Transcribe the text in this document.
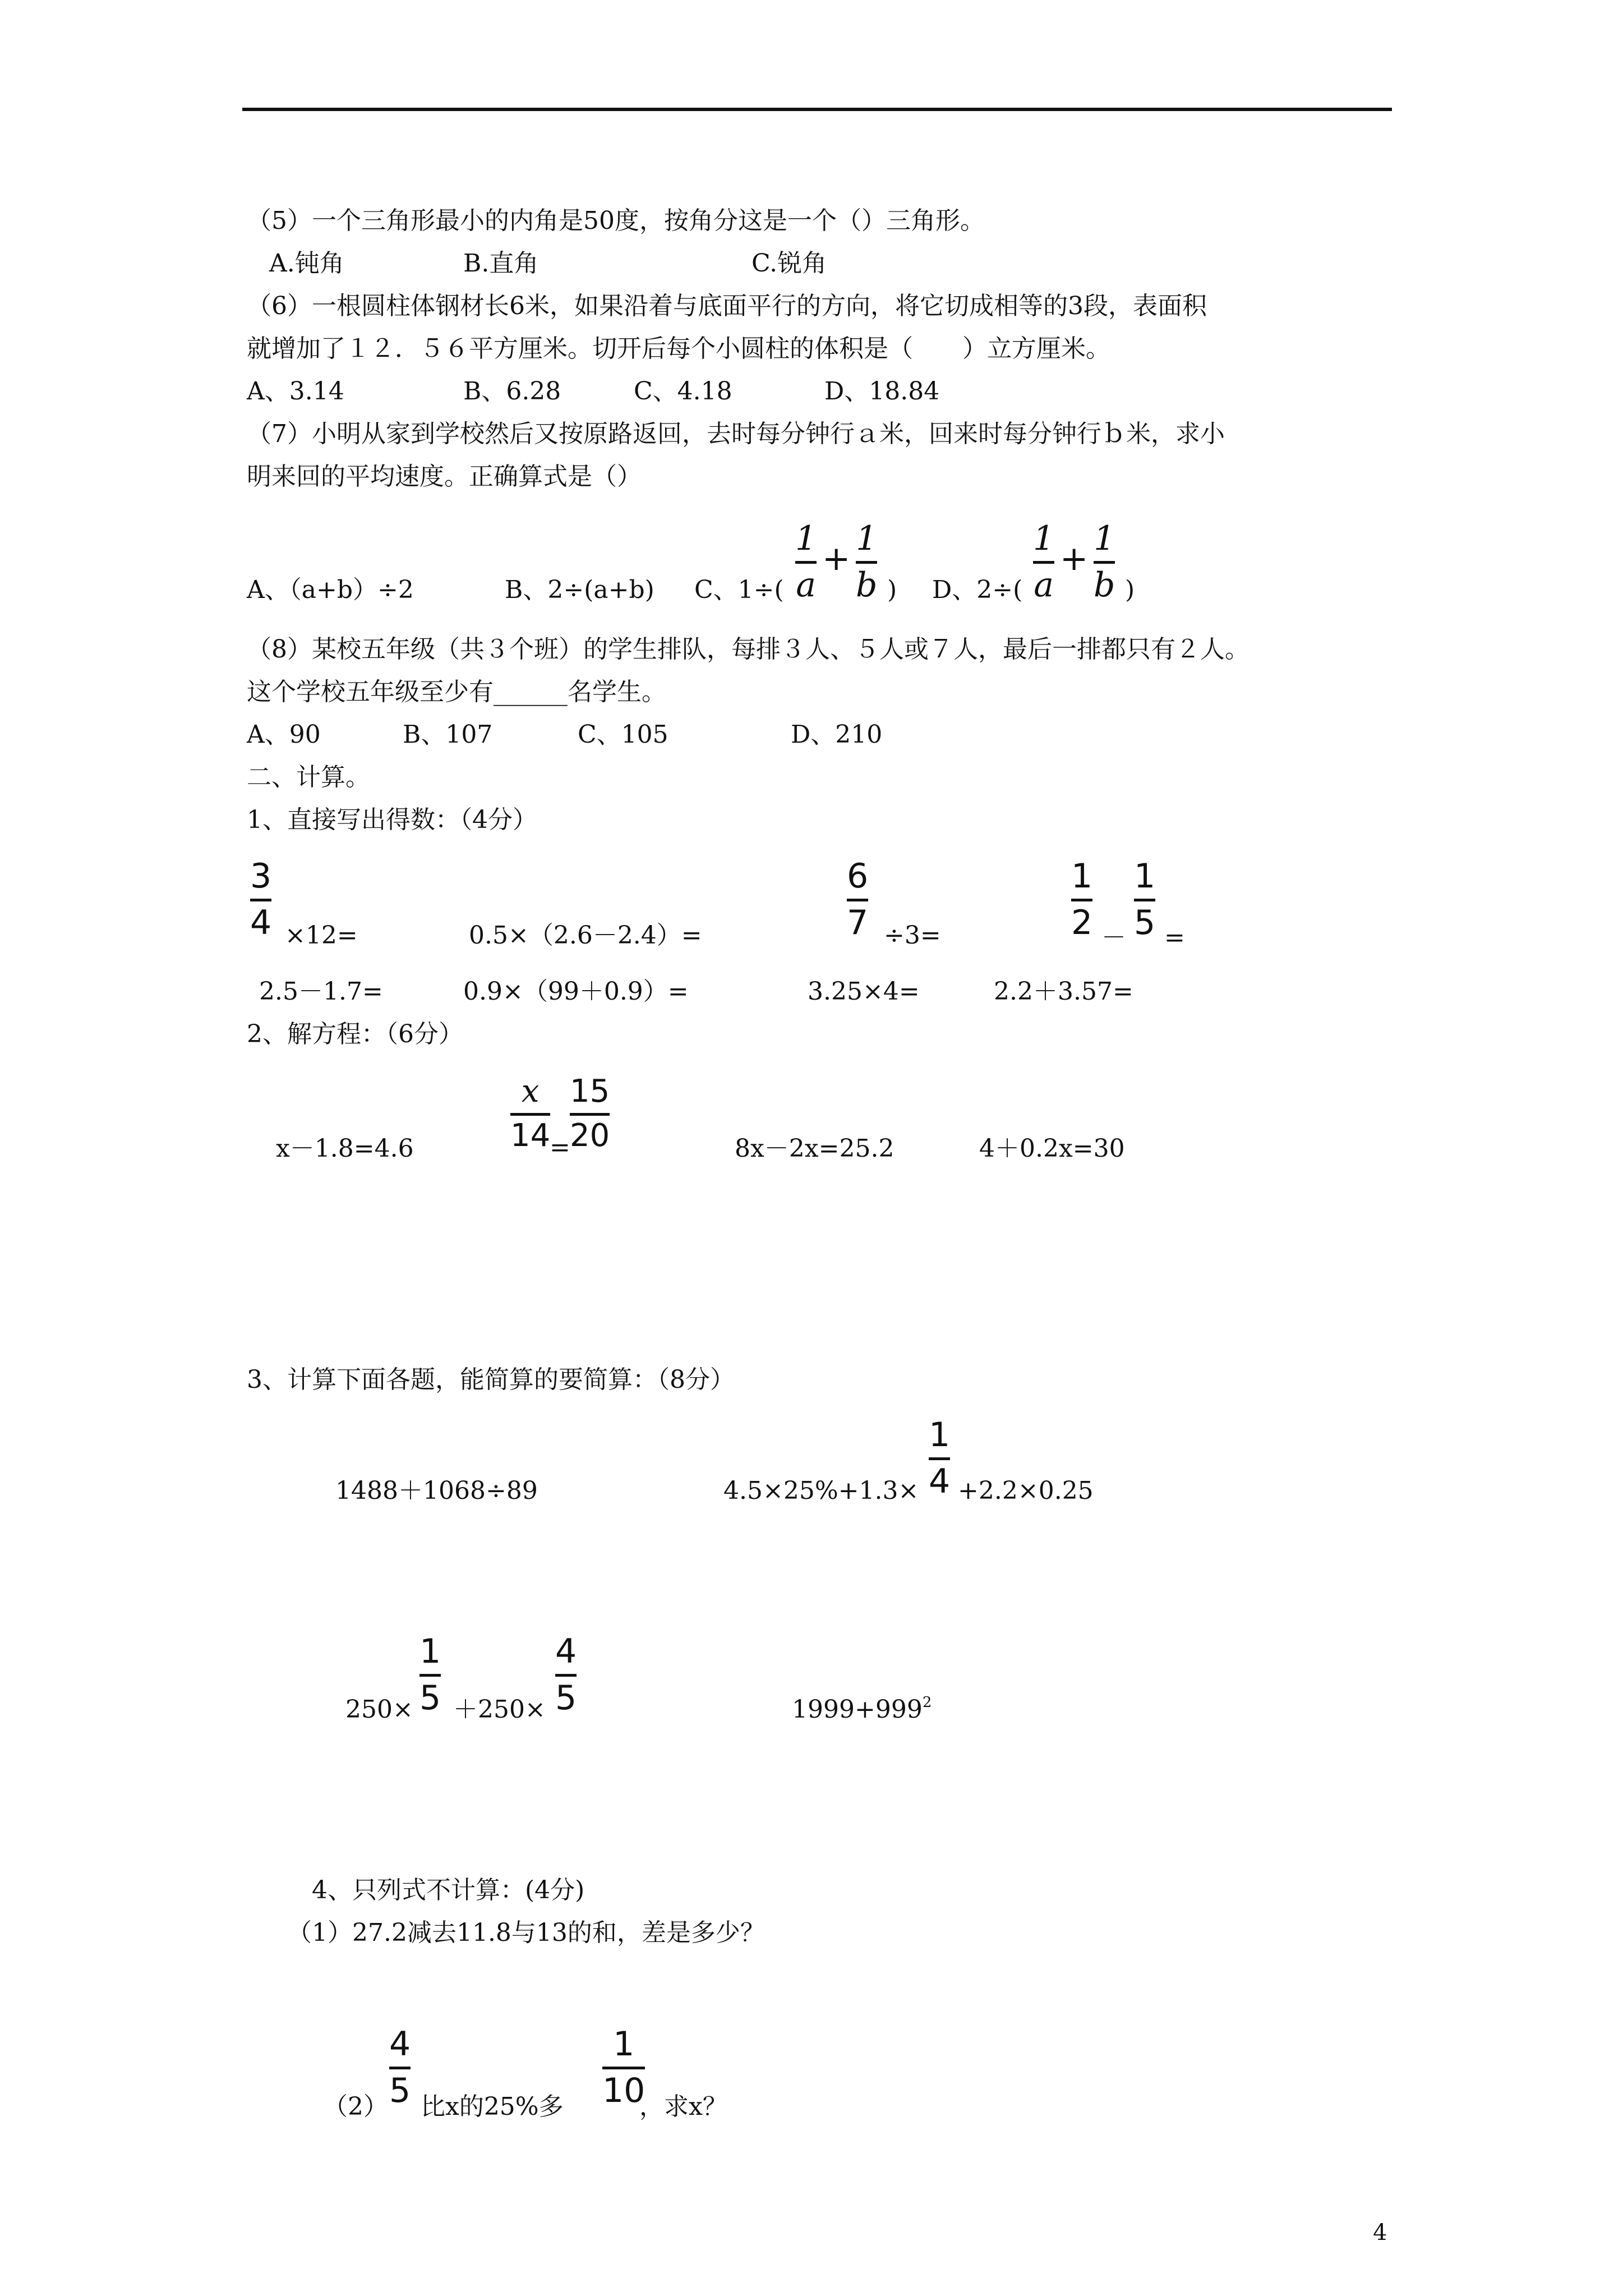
（5）一个三角形最小的内角是50度，按角分这是一个（）三角形。
A.钝角	B.直角	C.锐角
（6）一根圆柱体钢材长6米，如果沿着与底面平行的方向，将它切成相等的3段，表面积
就增加了１２．５６平方厘米。切开后每个小圆柱的体积是（　　）立方厘米。
A、3.14	B、6.28	C、4.18	D、18.84
（7）小明从家到学校然后又按原路返回，去时每分钟行ａ米，回来时每分钟行ｂ米，求小
明来回的平均速度。正确算式是（）
A、（a+b）÷2	B、2÷(a+b) C、1÷(
1
a
+
1
b ) D、2÷(
1
a
+
1
b )
（8）某校五年级（共３个班）的学生排队，每排３人、５人或７人，最后一排都只有２人。
这个学校五年级至少有______名学生。
A、90	B、107	C、105	D、210
二、计算。
1、直接写出得数：（4分）
3
4 ×12=	0.5×（2.6－2.4）=
6
7 ÷3=
1
2 －
1
5 =
2.5－1.7=	0.9×（99＋0.9）=	3.25×4=	2.2＋3.57=
2、解方程：（6分）
x－1.8=4.6
x
14
=
15
20	8x－2x=25.2	4＋0.2x=30
3、计算下面各题，能简算的要简算：（8分）
1488＋1068÷89	4.5×25%+1.3×
1
4 +2.2×0.25
250×
1
5 ＋250×
4
5	$1999+999^2$
4、只列式不计算：(4分)
（1）27.2减去11.8与13的和，差是多少？
（2）
4
5 比x的25%多
1
10
，求x？
4
